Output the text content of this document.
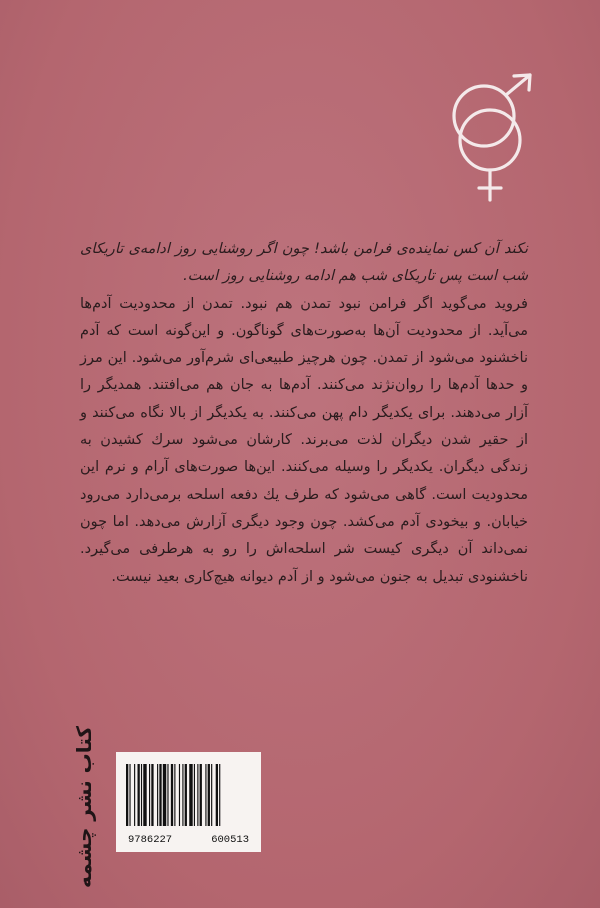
نکند آن کس نماینده‌ی فرامن باشد! چون اگر روشنایی روز ادامه‌ی تاریکای شب است پس تاریکای شب هم ادامه روشنایی روز است.

فروید می‌گوید اگر فرامن نبود تمدن هم نبود. تمدن از محدودیت آدم‌ها می‌آید. از محدودیت آن‌ها به‌صورت‌های گوناگون. و این‌گونه است که آدم ناخشنود می‌شود از تمدن. چون هرچیز طبیعی‌ای شرم‌آور می‌شود. این مرز و حدها آدم‌ها را روان‌نژند می‌کنند. آدم‌ها به جان هم می‌افتند. همدیگر را آزار می‌دهند. برای یکدیگر دام پهن می‌کنند. به یکدیگر از بالا نگاه می‌کنند و از حقیر شدن دیگران لذت می‌برند. کارشان می‌شود سرك كشيدن به زندگی دیگران. یکدیگر را وسیله می‌کنند. این‌ها صورت‌های آرام و نرم این محدودیت است. گاهی می‌شود که طرف یك دفعه اسلحه برمی‌دارد می‌رود خیابان. و بیخودی آدم می‌کشد. چون وجود دیگری آزارش می‌دهد. اما چون نمی‌داند آن دیگری کیست شر اسلحه‌اش را رو به هرطرفی می‌گیرد. ناخشنودی تبدیل به جنون می‌شود و از آدم دیوانه هیچ‌کاری بعید نیست.

کتاب نشر چشمه	9786227	600513
